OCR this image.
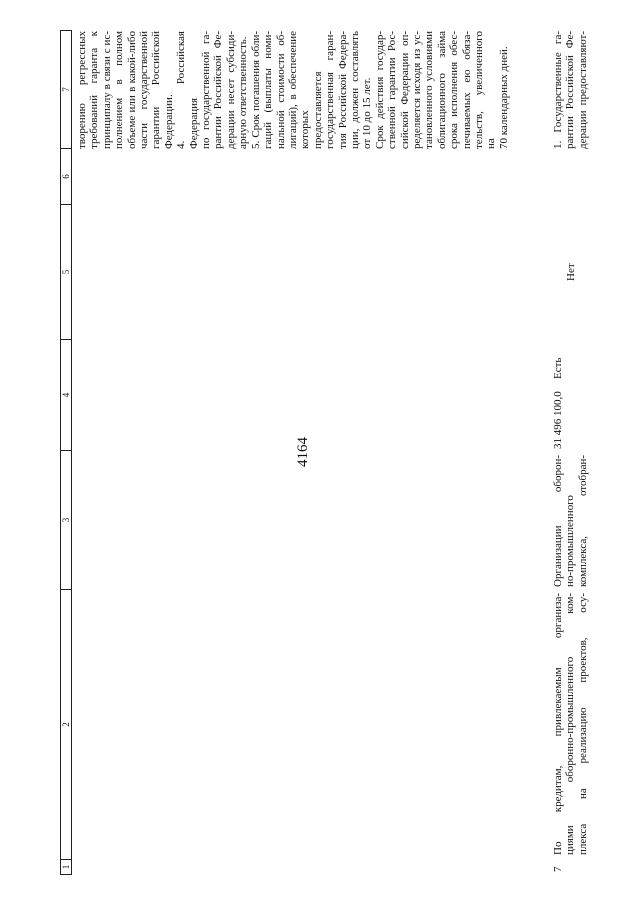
4164
1
2
3
4
5
6
7 творению регрессных требований гаранта к принципалу в связи с ис- полнением в полном объеме или в какой-либо части государственной гарантии Российской Федерации. 4. Российская Федерация по государственной га- рантии Российской Фе- дерации несет субсиди- арную ответственность. 5. Срок погашения обли- гаций (выплаты номи- нальной стоимости об- лигаций), в обеспечение которых предоставляется государственная гаран- тия Российской Федера- ции, должен составлять от 10 до 15 лет. Срок действия государ- ственной гарантии Рос- сийской Федерации оп- ределяется исходя из ус- тановленного условиями облигационного займа срока исполнения обес- печиваемых ею обяза- тельств, увеличенного на 70 календарных дней.
7
По кредитам, привлекаемым организа- циями оборонно-промышленного ком- плекса на реализацию проектов, осу-
Организации оборон- но-промышленного комплекса, отобран-
31 496 100,0
Есть
Нет
1. Государственные га- рантии Российской Фе- дерации предоставляют-
